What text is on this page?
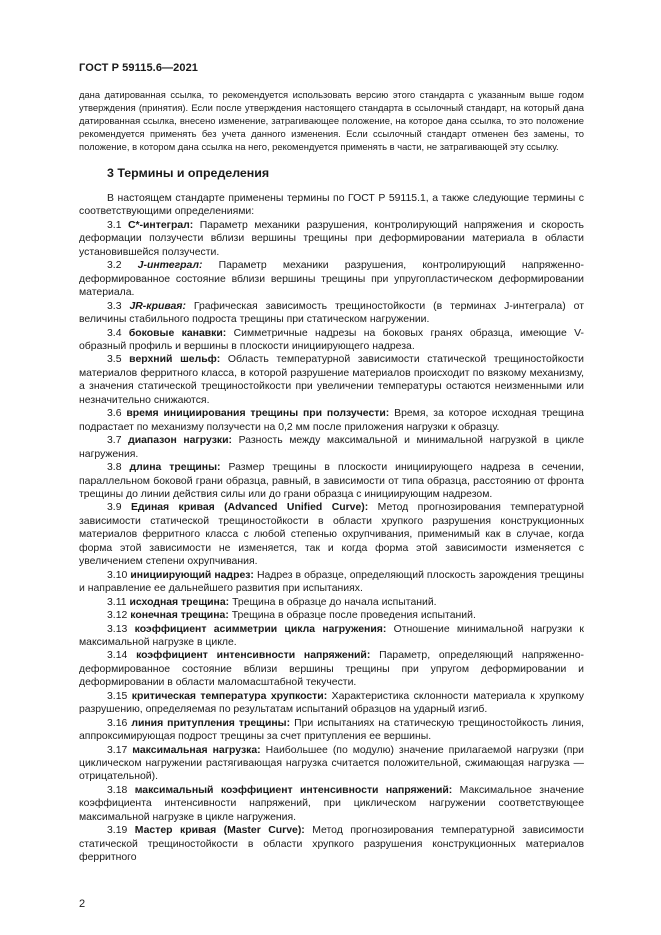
ГОСТ Р 59115.6—2021

дана датированная ссылка, то рекомендуется использовать версию этого стандарта с указанным выше годом утверждения (принятия). Если после утверждения настоящего стандарта в ссылочный стандарт, на который дана датированная ссылка, внесено изменение, затрагивающее положение, на которое дана ссылка, то это положение рекомендуется применять без учета данного изменения. Если ссылочный стандарт отменен без замены, то положение, в котором дана ссылка на него, рекомендуется применять в части, не затрагивающей эту ссылку.

3 Термины и определения

В настоящем стандарте применены термины по ГОСТ Р 59115.1, а также следующие термины с соответствующими определениями:

3.1 C*-интеграл: Параметр механики разрушения, контролирующий напряжения и скорость деформации ползучести вблизи вершины трещины при деформировании материала в области установившейся ползучести.

3.2 J-интеграл: Параметр механики разрушения, контролирующий напряженно-деформированное состояние вблизи вершины трещины при упругопластическом деформировании материала.

3.3 JR-кривая: Графическая зависимость трещиностойкости (в терминах J-интеграла) от величины стабильного подроста трещины при статическом нагружении.

3.4 боковые канавки: Симметричные надрезы на боковых гранях образца, имеющие V-образный профиль и вершины в плоскости инициирующего надреза.

3.5 верхний шельф: Область температурной зависимости статической трещиностойкости материалов ферритного класса, в которой разрушение материалов происходит по вязкому механизму, а значения статической трещиностойкости при увеличении температуры остаются неизменными или незначительно снижаются.

3.6 время инициирования трещины при ползучести: Время, за которое исходная трещина подрастает по механизму ползучести на 0,2 мм после приложения нагрузки к образцу.

3.7 диапазон нагрузки: Разность между максимальной и минимальной нагрузкой в цикле нагружения.

3.8 длина трещины: Размер трещины в плоскости инициирующего надреза в сечении, параллельном боковой грани образца, равный, в зависимости от типа образца, расстоянию от фронта трещины до линии действия силы или до грани образца с инициирующим надрезом.

3.9 Единая кривая (Advanced Unified Curve): Метод прогнозирования температурной зависимости статической трещиностойкости в области хрупкого разрушения конструкционных материалов ферритного класса с любой степенью охрупчивания, применимый как в случае, когда форма этой зависимости не изменяется, так и когда форма этой зависимости изменяется с увеличением степени охрупчивания.

3.10 инициирующий надрез: Надрез в образце, определяющий плоскость зарождения трещины и направление ее дальнейшего развития при испытаниях.

3.11 исходная трещина: Трещина в образце до начала испытаний.

3.12 конечная трещина: Трещина в образце после проведения испытаний.

3.13 коэффициент асимметрии цикла нагружения: Отношение минимальной нагрузки к максимальной нагрузке в цикле.

3.14 коэффициент интенсивности напряжений: Параметр, определяющий напряженно-деформированное состояние вблизи вершины трещины при упругом деформировании и деформировании в области маломасштабной текучести.

3.15 критическая температура хрупкости: Характеристика склонности материала к хрупкому разрушению, определяемая по результатам испытаний образцов на ударный изгиб.

3.16 линия притупления трещины: При испытаниях на статическую трещиностойкость линия, аппроксимирующая подрост трещины за счет притупления ее вершины.

3.17 максимальная нагрузка: Наибольшее (по модулю) значение прилагаемой нагрузки (при циклическом нагружении растягивающая нагрузка считается положительной, сжимающая нагрузка — отрицательной).

3.18 максимальный коэффициент интенсивности напряжений: Максимальное значение коэффициента интенсивности напряжений, при циклическом нагружении соответствующее максимальной нагрузке в цикле нагружения.

3.19 Мастер кривая (Master Curve): Метод прогнозирования температурной зависимости статической трещиностойкости в области хрупкого разрушения конструкционных материалов ферритного

2
